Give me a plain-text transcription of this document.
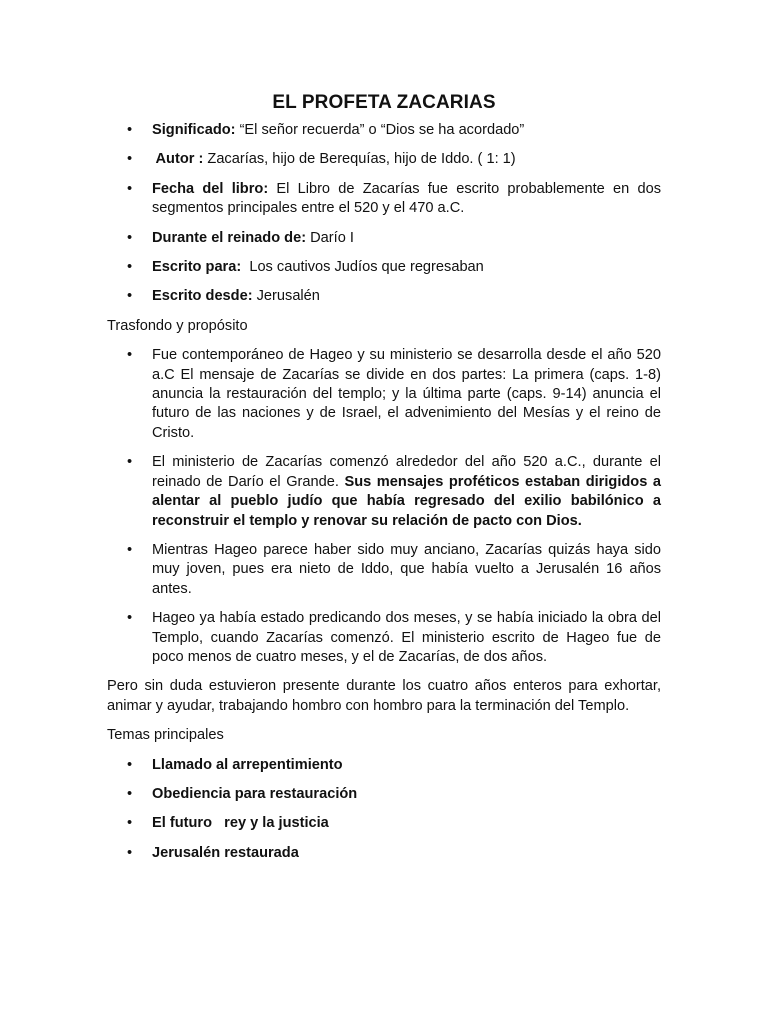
EL PROFETA ZACARIAS
• Significado: “El señor recuerda” o “Dios se ha acordado”
• Autor : Zacarías, hijo de Berequías, hijo de Iddo. ( 1: 1)
• Fecha del libro: El Libro de Zacarías fue escrito probablemente en dos segmentos principales entre el 520 y el 470 a.C.
• Durante el reinado de: Darío I
• Escrito para:  Los cautivos Judíos que regresaban
• Escrito desde: Jerusalén

Trasfondo y propósito

• Fue contemporáneo de Hageo y su ministerio se desarrolla desde el año 520 a.C El mensaje de Zacarías se divide en dos partes: La primera (caps. 1-8) anuncia la restauración del templo; y la última parte (caps. 9-14) anuncia el futuro de las naciones y de Israel, el advenimiento del Mesías y el reino de Cristo.
• El ministerio de Zacarías comenzó alrededor del año 520 a.C., durante el reinado de Darío el Grande. Sus mensajes proféticos estaban dirigidos a alentar al pueblo judío que había regresado del exilio babilónico a reconstruir el templo y renovar su relación de pacto con Dios.
• Mientras Hageo parece haber sido muy anciano, Zacarías quizás haya sido muy joven, pues era nieto de Iddo, que había vuelto a Jerusalén 16 años antes.
• Hageo ya había estado predicando dos meses, y se había iniciado la obra del Templo, cuando Zacarías comenzó. El ministerio escrito de Hageo fue de poco menos de cuatro meses, y el de Zacarías, de dos años.

Pero sin duda estuvieron presente durante los cuatro años enteros para exhortar, animar y ayudar, trabajando hombro con hombro para la terminación del Templo.

Temas principales

• Llamado al arrepentimiento
• Obediencia para restauración
• El futuro   rey y la justicia
• Jerusalén restaurada
